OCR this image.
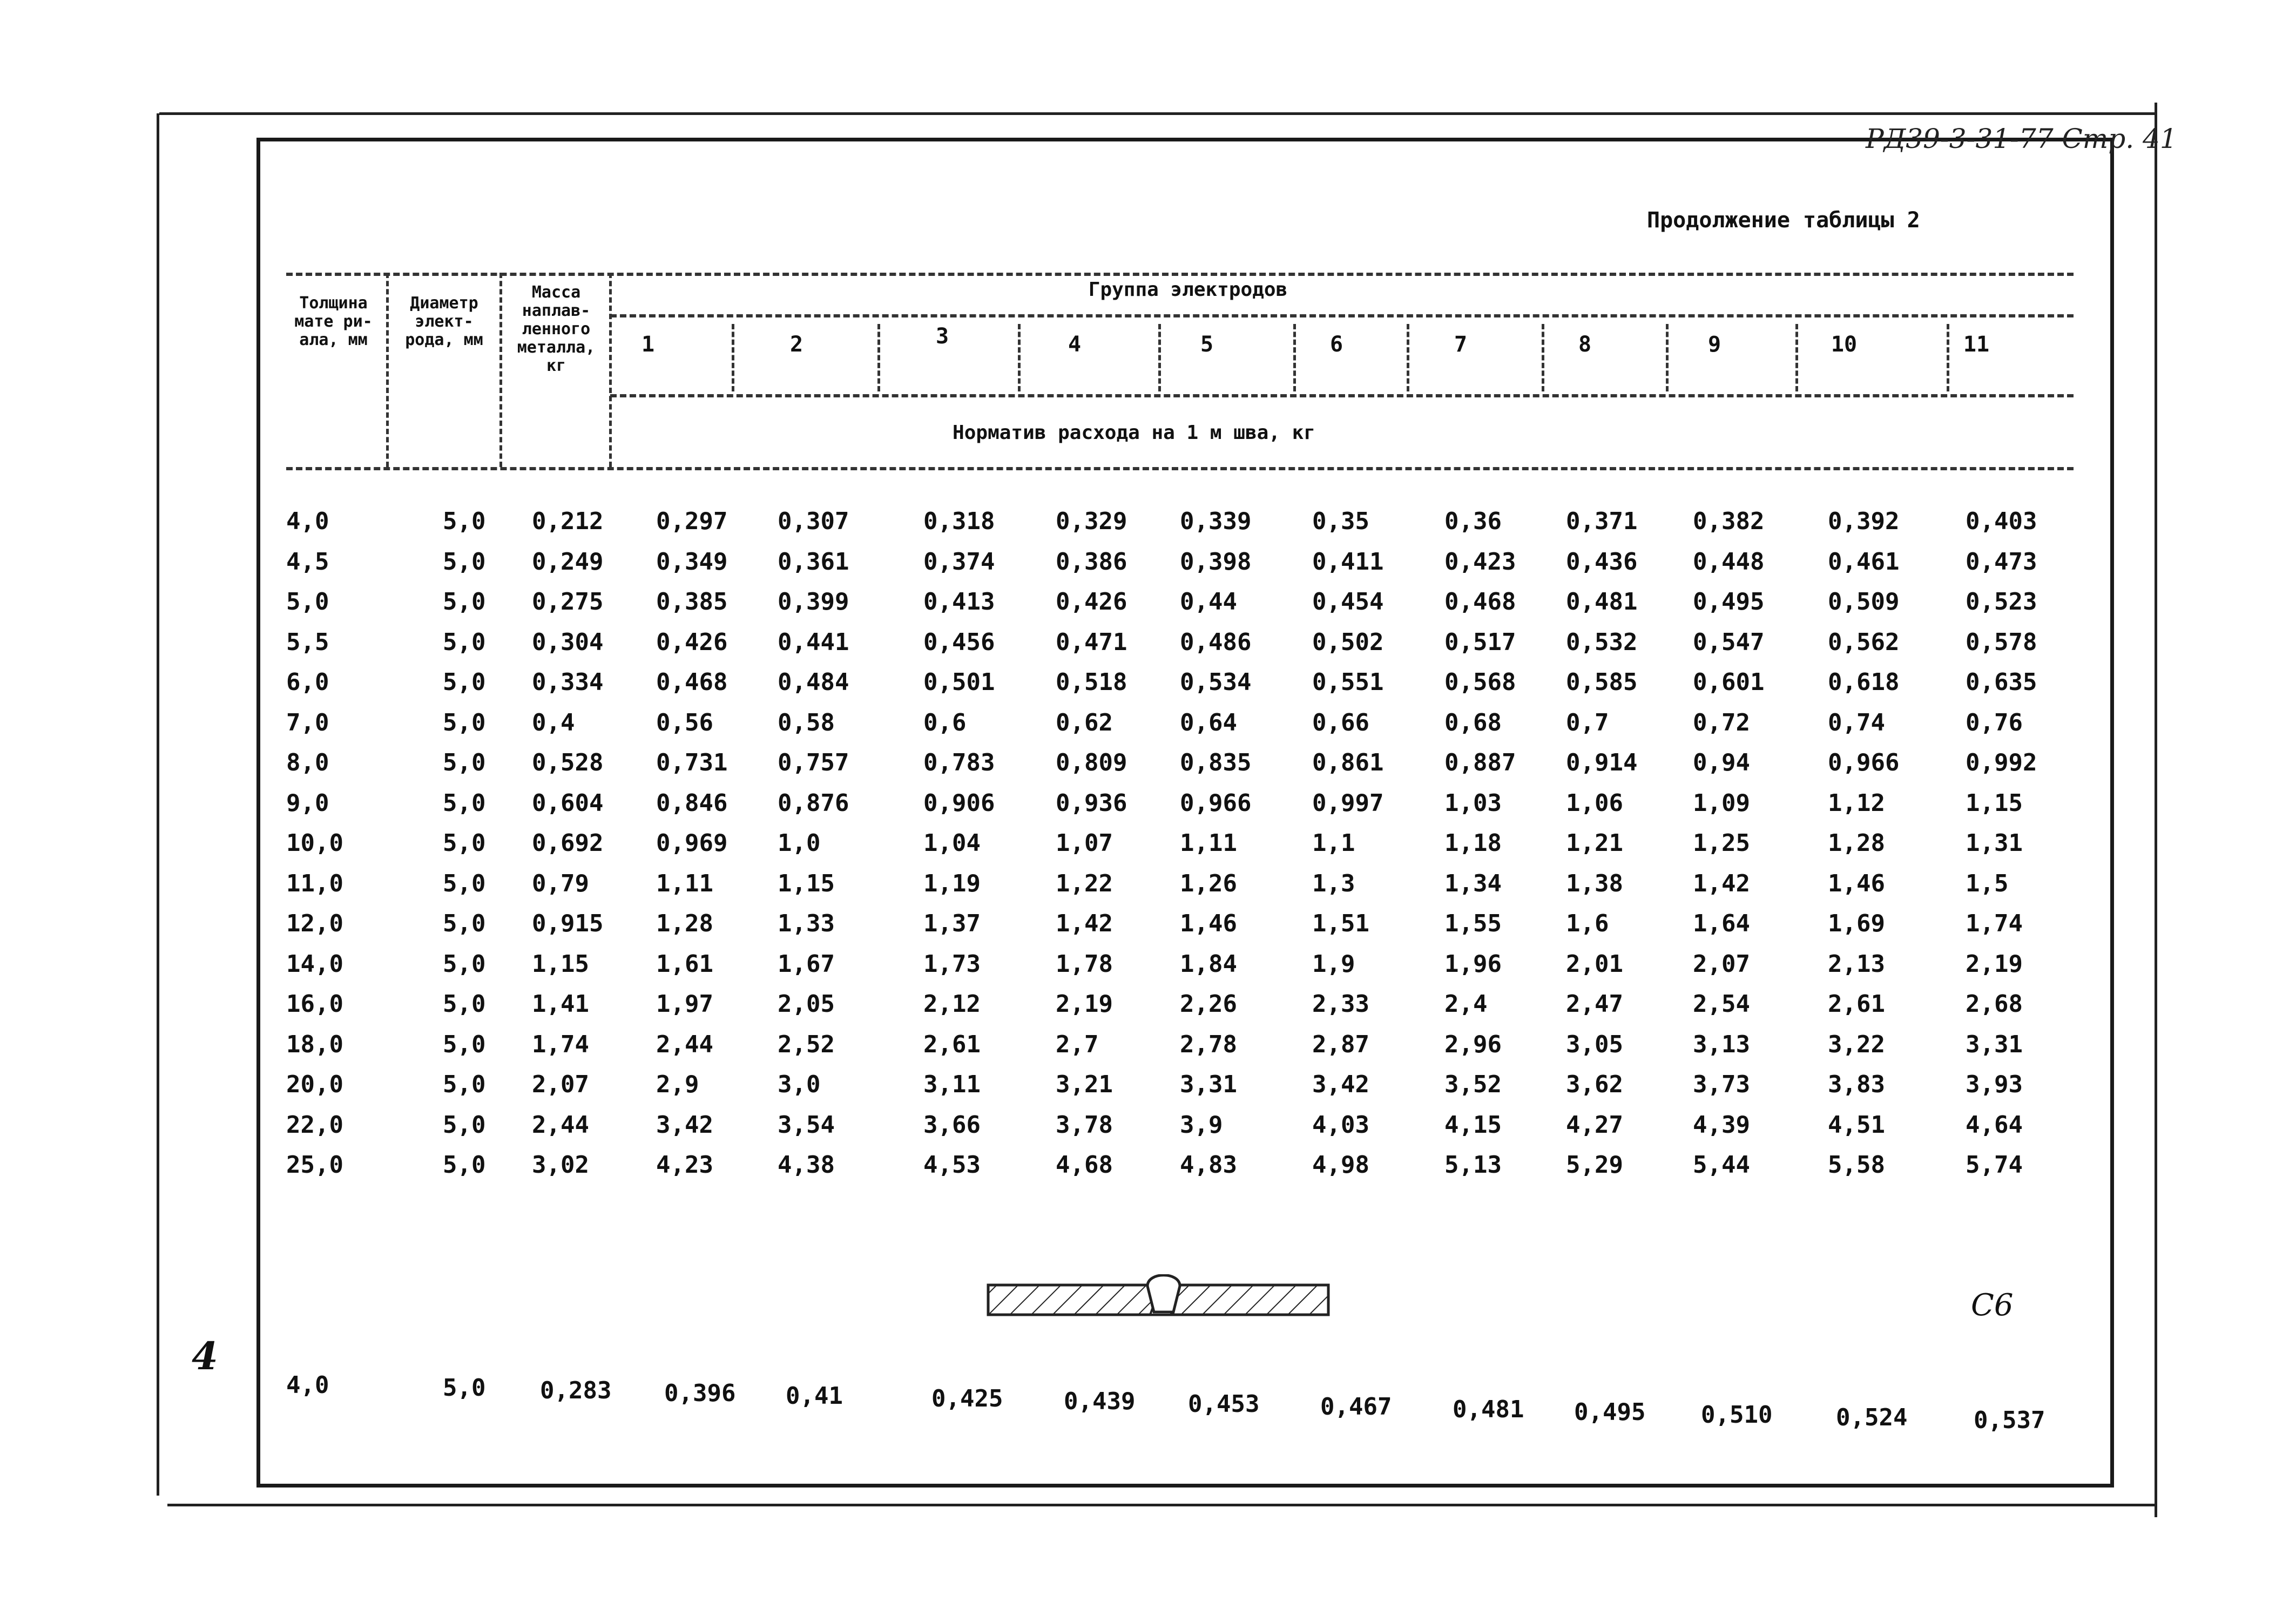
РД39-3-31-77 Стр. 41
Продолжение таблицы 2
Толщина мате ри-ала, мм
Диаметр элект-рода, мм
Масса наплав-ленного металла, кг
Группа электродов
Норматив расхода на 1 м шва, кг
1	2	3	4	5	6	7	8	9	10	11
4,0	5,0 0,212 0,297 0,307	0,318	0,329 0,339	0,35	0,36	0,371 0,382	0,392	0,403
4,5	5,0 0,249 0,349 0,361	0,374	0,386 0,398	0,411	0,423 0,436 0,448	0,461	0,473
5,0	5,0 0,275 0,385 0,399	0,413	0,426 0,44	0,454	0,468 0,481 0,495	0,509	0,523
5,5	5,0 0,304 0,426 0,441	0,456	0,471 0,486	0,502	0,517 0,532 0,547	0,562	0,578
6,0	5,0 0,334 0,468 0,484	0,501	0,518 0,534	0,551	0,568 0,585 0,601	0,618	0,635
7,0	5,0 0,4	0,56	0,58	0,6	0,62	0,64	0,66	0,68	0,7	0,72	0,74	0,76
8,0	5,0 0,528 0,731 0,757	0,783	0,809 0,835	0,861	0,887 0,914 0,94	0,966	0,992
9,0	5,0 0,604 0,846 0,876	0,906	0,936 0,966	0,997	1,03	1,06	1,09	1,12	1,15
10,0	5,0 0,692 0,969 1,0	1,04	1,07	1,11	1,1	1,18	1,21	1,25	1,28	1,31
11,0	5,0 0,79	1,11	1,15	1,19	1,22	1,26	1,3	1,34	1,38	1,42	1,46	1,5
12,0	5,0 0,915 1,28	1,33	1,37	1,42	1,46	1,51	1,55	1,6	1,64	1,69	1,74
14,0	5,0 1,15	1,61	1,67	1,73	1,78	1,84	1,9	1,96	2,01	2,07	2,13	2,19
16,0	5,0 1,41	1,97	2,05	2,12	2,19	2,26	2,33	2,4	2,47	2,54	2,61	2,68
18,0	5,0 1,74	2,44	2,52	2,61	2,7	2,78	2,87	2,96	3,05	3,13	3,22	3,31
20,0	5,0 2,07	2,9	3,0	3,11	3,21	3,31	3,42	3,52	3,62	3,73	3,83	3,93
22,0	5,0 2,44	3,42	3,54	3,66	3,78	3,9	4,03	4,15	4,27	4,39	4,51	4,64
25,0	5,0 3,02	4,23	4,38	4,53	4,68	4,83	4,98	5,13	5,29	5,44	5,58	5,74
С6
4
4,0	5,0 0,283 0,396 0,41	0,425	0,439 0,453	0,467	0,481 0,495 0,510	0,524	0,537
